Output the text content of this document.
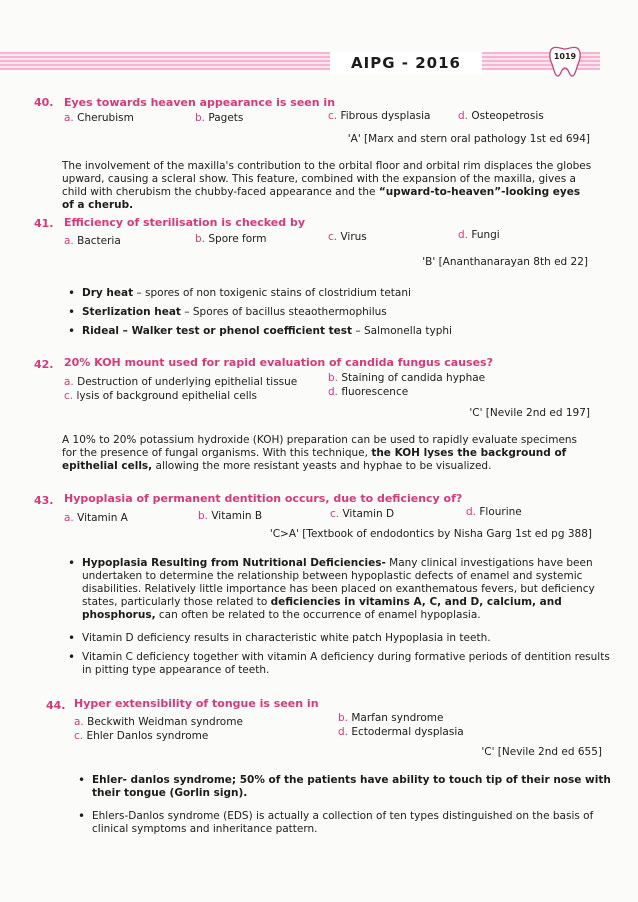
AIPG - 2016	1019
40. Eyes towards heaven appearance is seen in
a. Cherubism	b. Pagets	c. Fibrous dysplasia	d. Osteopetrosis
'A' [Marx and stern oral pathology 1st ed 694]
The involvement of the maxilla's contribution to the orbital floor and orbital rim displaces the globes upward, causing a scleral show. This feature, combined with the expansion of the maxilla, gives a child with cherubism the chubby-faced appearance and the “upward-to-heaven”-looking eyes of a cherub.
41. Efficiency of sterilisation is checked by
a. Bacteria	b. Spore form	c. Virus	d. Fungi
'B' [Ananthanarayan 8th ed 22]
• Dry heat – spores of non toxigenic stains of clostridium tetani
• Sterlization heat – Spores of bacillus steaothermophilus
• Rideal – Walker test or phenol coefficient test – Salmonella typhi
42. 20% KOH mount used for rapid evaluation of candida fungus causes?
a. Destruction of underlying epithelial tissue	b. Staining of candida hyphae
c. lysis of background epithelial cells	d. fluorescence
'C' [Nevile 2nd ed 197]
A 10% to 20% potassium hydroxide (KOH) preparation can be used to rapidly evaluate specimens for the presence of fungal organisms. With this technique, the KOH lyses the background of epithelial cells, allowing the more resistant yeasts and hyphae to be visualized.
43. Hypoplasia of permanent dentition occurs, due to deficiency of?
a. Vitamin A	b. Vitamin B	c. Vitamin D	d. Flourine
'C>A' [Textbook of endodontics by Nisha Garg 1st ed pg 388]
• Hypoplasia Resulting from Nutritional Deficiencies- Many clinical investigations have been undertaken to determine the relationship between hypoplastic defects of enamel and systemic disabilities. Relatively little importance has been placed on exanthematous fevers, but deficiency states, particularly those related to deficiencies in vitamins A, C, and D, calcium, and phosphorus, can often be related to the occurrence of enamel hypoplasia.
• Vitamin D deficiency results in characteristic white patch Hypoplasia in teeth.
• Vitamin C deficiency together with vitamin A deficiency during formative periods of dentition results in pitting type appearance of teeth.
44. Hyper extensibility of tongue is seen in
a. Beckwith Weidman syndrome	b. Marfan syndrome
c. Ehler Danlos syndrome	d. Ectodermal dysplasia
'C' [Nevile 2nd ed 655]
• Ehler- danlos syndrome; 50% of the patients have ability to touch tip of their nose with their tongue (Gorlin sign).
• Ehlers-Danlos syndrome (EDS) is actually a collection of ten types distinguished on the basis of clinical symptoms and inheritance pattern.
